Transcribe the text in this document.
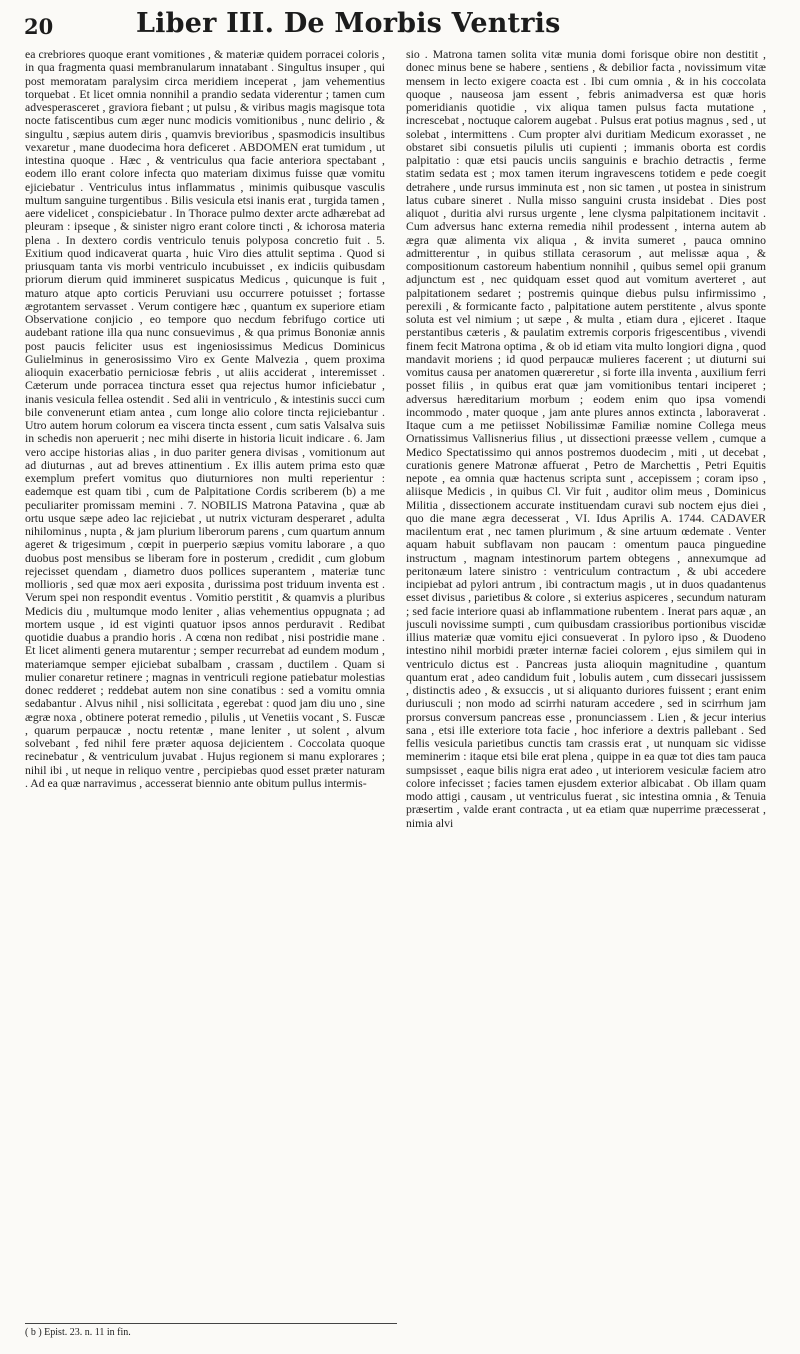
20	Liber III. De Morbis Ventris

ea crebriores quoque erant vomitiones , & materiæ quidem porracei coloris , in qua fragmenta quasi membranularum innatabant . Singultus insuper , qui post memoratam paralysim circa meridiem inceperat , jam vehementius torquebat . Et licet omnia nonnihil a prandio sedata viderentur ; tamen cum advesperasceret , graviora fiebant ; ut pulsu , & viribus magis magisque tota nocte fatiscentibus cum æger nunc modicis vomitionibus , nunc delirio , & singultu , sæpius autem diris , quamvis brevioribus , spasmodicis insultibus vexaretur , mane duodecima hora deficeret . ABDOMEN erat tumidum , ut intestina quoque . Hæc , & ventriculus qua facie anteriora spectabant , eodem illo erant colore infecta quo materiam diximus fuisse quæ vomitu ejiciebatur . Ventriculus intus inflammatus , minimis quibusque vasculis multum sanguine turgentibus . Bilis vesicula etsi inanis erat , turgida tamen , aere videlicet , conspiciebatur . In Thorace pulmo dexter arcte adhærebat ad pleuram : ipseque , & sinister nigro erant colore tincti , & ichorosa materia plena . In dextero cordis ventriculo tenuis polyposa concretio fuit . 5. Exitium quod indicaverat quarta , huic Viro dies attulit septima . Quod si priusquam tanta vis morbi ventriculo incubuisset , ex indiciis quibusdam priorum dierum quid immineret suspicatus Medicus , quicunque is fuit , maturo atque apto corticis Peruviani usu occurrere potuisset ; fortasse ægrotantem servasset . Verum contigere hæc , quantum ex superiore etiam Observatione conjicio , eo tempore quo necdum febrifugo cortice uti audebant ratione illa qua nunc consuevimus , & qua primus Bononiæ annis post paucis feliciter usus est ingeniosissimus Medicus Dominicus Gulielminus in generosissimo Viro ex Gente Malvezia , quem proxima alioquin exacerbatio perniciosæ febris , ut aliis acciderat , interemisset . Cæterum unde porracea tinctura esset qua rejectus humor inficiebatur , inanis vesicula fellea ostendit . Sed alii in ventriculo , & intestinis succi cum bile convenerunt etiam antea , cum longe alio colore tincta rejiciebantur . Utro autem horum colorum ea viscera tincta essent , cum satis Valsalva suis in schedis non aperuerit ; nec mihi diserte in historia licuit indicare . 6. Jam vero accipe historias alias , in duo pariter genera divisas , vomitionum aut ad diuturnas , aut ad breves attinentium . Ex illis autem prima esto quæ exemplum prefert vomitus quo diuturniores non multi reperientur : eademque est quam tibi , cum de Palpitatione Cordis scriberem (b) a me peculiariter promissam memini . 7. NOBILIS Matrona Patavina , quæ ab ortu usque sæpe adeo lac rejiciebat , ut nutrix victuram desperaret , adulta nihilominus , nupta , & jam plurium liberorum parens , cum quartum annum ageret & trigesimum , cœpit in puerperio sæpius vomitu laborare , a quo duobus post mensibus se liberam fore in posterum , credidit , cum globum rejecisset quendam , diametro duos pollices superantem , materiæ tunc mollioris , sed quæ mox aeri exposita , durissima post triduum inventa est . Verum spei non respondit eventus . Vomitio perstitit , & quamvis a pluribus Medicis diu , multumque modo leniter , alias vehementius oppugnata ; ad mortem usque , id est viginti quatuor ipsos annos perduravit . Redibat quotidie duabus a prandio horis . A cœna non redibat , nisi postridie mane . Et licet alimenti genera mutarentur ; semper recurrebat ad eundem modum , materiamque semper ejiciebat subalbam , crassam , ductilem . Quam si mulier conaretur retinere ; magnas in ventriculi regione patiebatur molestias donec redderet ; reddebat autem non sine conatibus : sed a vomitu omnia sedabantur . Alvus nihil , nisi sollicitata , egerebat : quod jam diu uno , sine ægræ noxa , obtinere poterat remedio , pilulis , ut Venetiis vocant , S. Fuscæ , quarum perpaucæ , noctu retentæ , mane leniter , ut solent , alvum solvebant , fed nihil fere præter aquosa dejicientem . Coccolata quoque recinebatur , & ventriculum juvabat . Hujus regionem si manu explorares ; nihil ibi , ut neque in reliquo ventre , percipiebas quod esset præter naturam . Ad ea quæ narravimus , accesserat biennio ante obitum pullus intermis-

sio . Matrona tamen solita vitæ munia domi forisque obire non destitit , donec minus bene se habere , sentiens , & debilior facta , novissimum vitæ mensem in lecto exigere coacta est . Ibi cum omnia , & in his coccolata quoque , nauseosa jam essent , febris animadversa est quæ horis pomeridianis quotidie , vix aliqua tamen pulsus facta mutatione , increscebat , noctuque calorem augebat . Pulsus erat potius magnus , sed , ut solebat , intermittens . Cum propter alvi duritiam Medicum exorasset , ne obstaret sibi consuetis pilulis uti cupienti ; immanis oborta est cordis palpitatio : quæ etsi paucis unciis sanguinis e brachio detractis , ferme statim sedata est ; mox tamen iterum ingravescens totidem e pede coegit detrahere , unde rursus imminuta est , non sic tamen , ut postea in sinistrum latus cubare sineret . Nulla misso sanguini crusta insidebat . Dies post aliquot , duritia alvi rursus urgente , lene clysma palpitationem incitavit . Cum adversus hanc externa remedia nihil prodessent , interna autem ab ægra quæ alimenta vix aliqua , & invita sumeret , pauca omnino admitterentur , in quibus stillata cerasorum , aut melissæ aqua , & compositionum castoreum habentium nonnihil , quibus semel opii granum adjunctum est , nec quidquam esset quod aut vomitum averteret , aut palpitationem sedaret ; postremis quinque diebus pulsu infirmissimo , perexili , & formicante facto , palpitatione autem perstitente , alvus sponte soluta est vel nimium ; ut sæpe , & multa , etiam dura , ejiceret . Itaque perstantibus cæteris , & paulatim extremis corporis frigescentibus , vivendi finem fecit Matrona optima , & ob id etiam vita multo longiori digna , quod mandavit moriens ; id quod perpaucæ mulieres facerent ; ut diuturni sui vomitus causa per anatomen quæreretur , si forte illa inventa , auxilium ferri posset filiis , in quibus erat quæ jam vomitionibus tentari inciperet ; adversus hæreditarium morbum ; eodem enim quo ipsa vomendi incommodo , mater quoque , jam ante plures annos extincta , laboraverat . Itaque cum a me petiisset Nobilissimæ Familiæ nomine Collega meus Ornatissimus Vallisnerius filius , ut dissectioni præesse vellem , cumque a Medico Spectatissimo qui annos postremos duodecim , miti , ut decebat , curationis genere Matronæ affuerat , Petro de Marchettis , Petri Equitis nepote , ea omnia quæ hactenus scripta sunt , accepissem ; coram ipso , aliisque Medicis , in quibus Cl. Vir fuit , auditor olim meus , Dominicus Militia , dissectionem accurate instituendam curavi sub noctem ejus diei , quo die mane ægra decesserat , VI. Idus Aprilis A. 1744. CADAVER macilentum erat , nec tamen plurimum , & sine artuum œdemate . Venter aquam habuit subflavam non paucam : omentum pauca pinguedine instructum , magnam intestinorum partem obtegens , annexumque ad peritonæum latere sinistro : ventriculum contractum , & ubi accedere incipiebat ad pylori antrum , ibi contractum magis , ut in duos quadantenus esset divisus , parietibus & colore , si exterius aspiceres , secundum naturam ; sed facie interiore quasi ab inflammatione rubentem . Inerat pars aquæ , an jusculi novissime sumpti , cum quibusdam crassioribus portionibus viscidæ illius materiæ quæ vomitu ejici consueverat . In pyloro ipso , & Duodeno intestino nihil morbidi præter internæ faciei colorem , ejus similem qui in ventriculo dictus est . Pancreas justa alioquin magnitudine , quantum quantum erat , adeo candidum fuit , lobulis autem , cum dissecari jussissem , distinctis adeo , & exsuccis , ut si aliquanto duriores fuissent ; erant enim duriusculi ; non modo ad scirrhi naturam accedere , sed in scirrhum jam prorsus conversum pancreas esse , pronunciassem . Lien , & jecur interius sana , etsi ille exteriore tota facie , hoc inferiore a dextris pallebant . Sed fellis vesicula parietibus cunctis tam crassis erat , ut nunquam sic vidisse meminerim : itaque etsi bile erat plena , quippe in ea quæ tot dies tam pauca sumpsisset , eaque bilis nigra erat adeo , ut interiorem vesiculæ faciem atro colore infecisset ; facies tamen ejusdem exterior albicabat . Ob illam quam modo attigi , causam , ut ventriculus fuerat , sic intestina omnia , & Tenuia præsertim , valde erant contracta , ut ea etiam quæ nuperrime præcesserat , nimia alvi

( b ) Epist. 23. n. 11 in fin.
